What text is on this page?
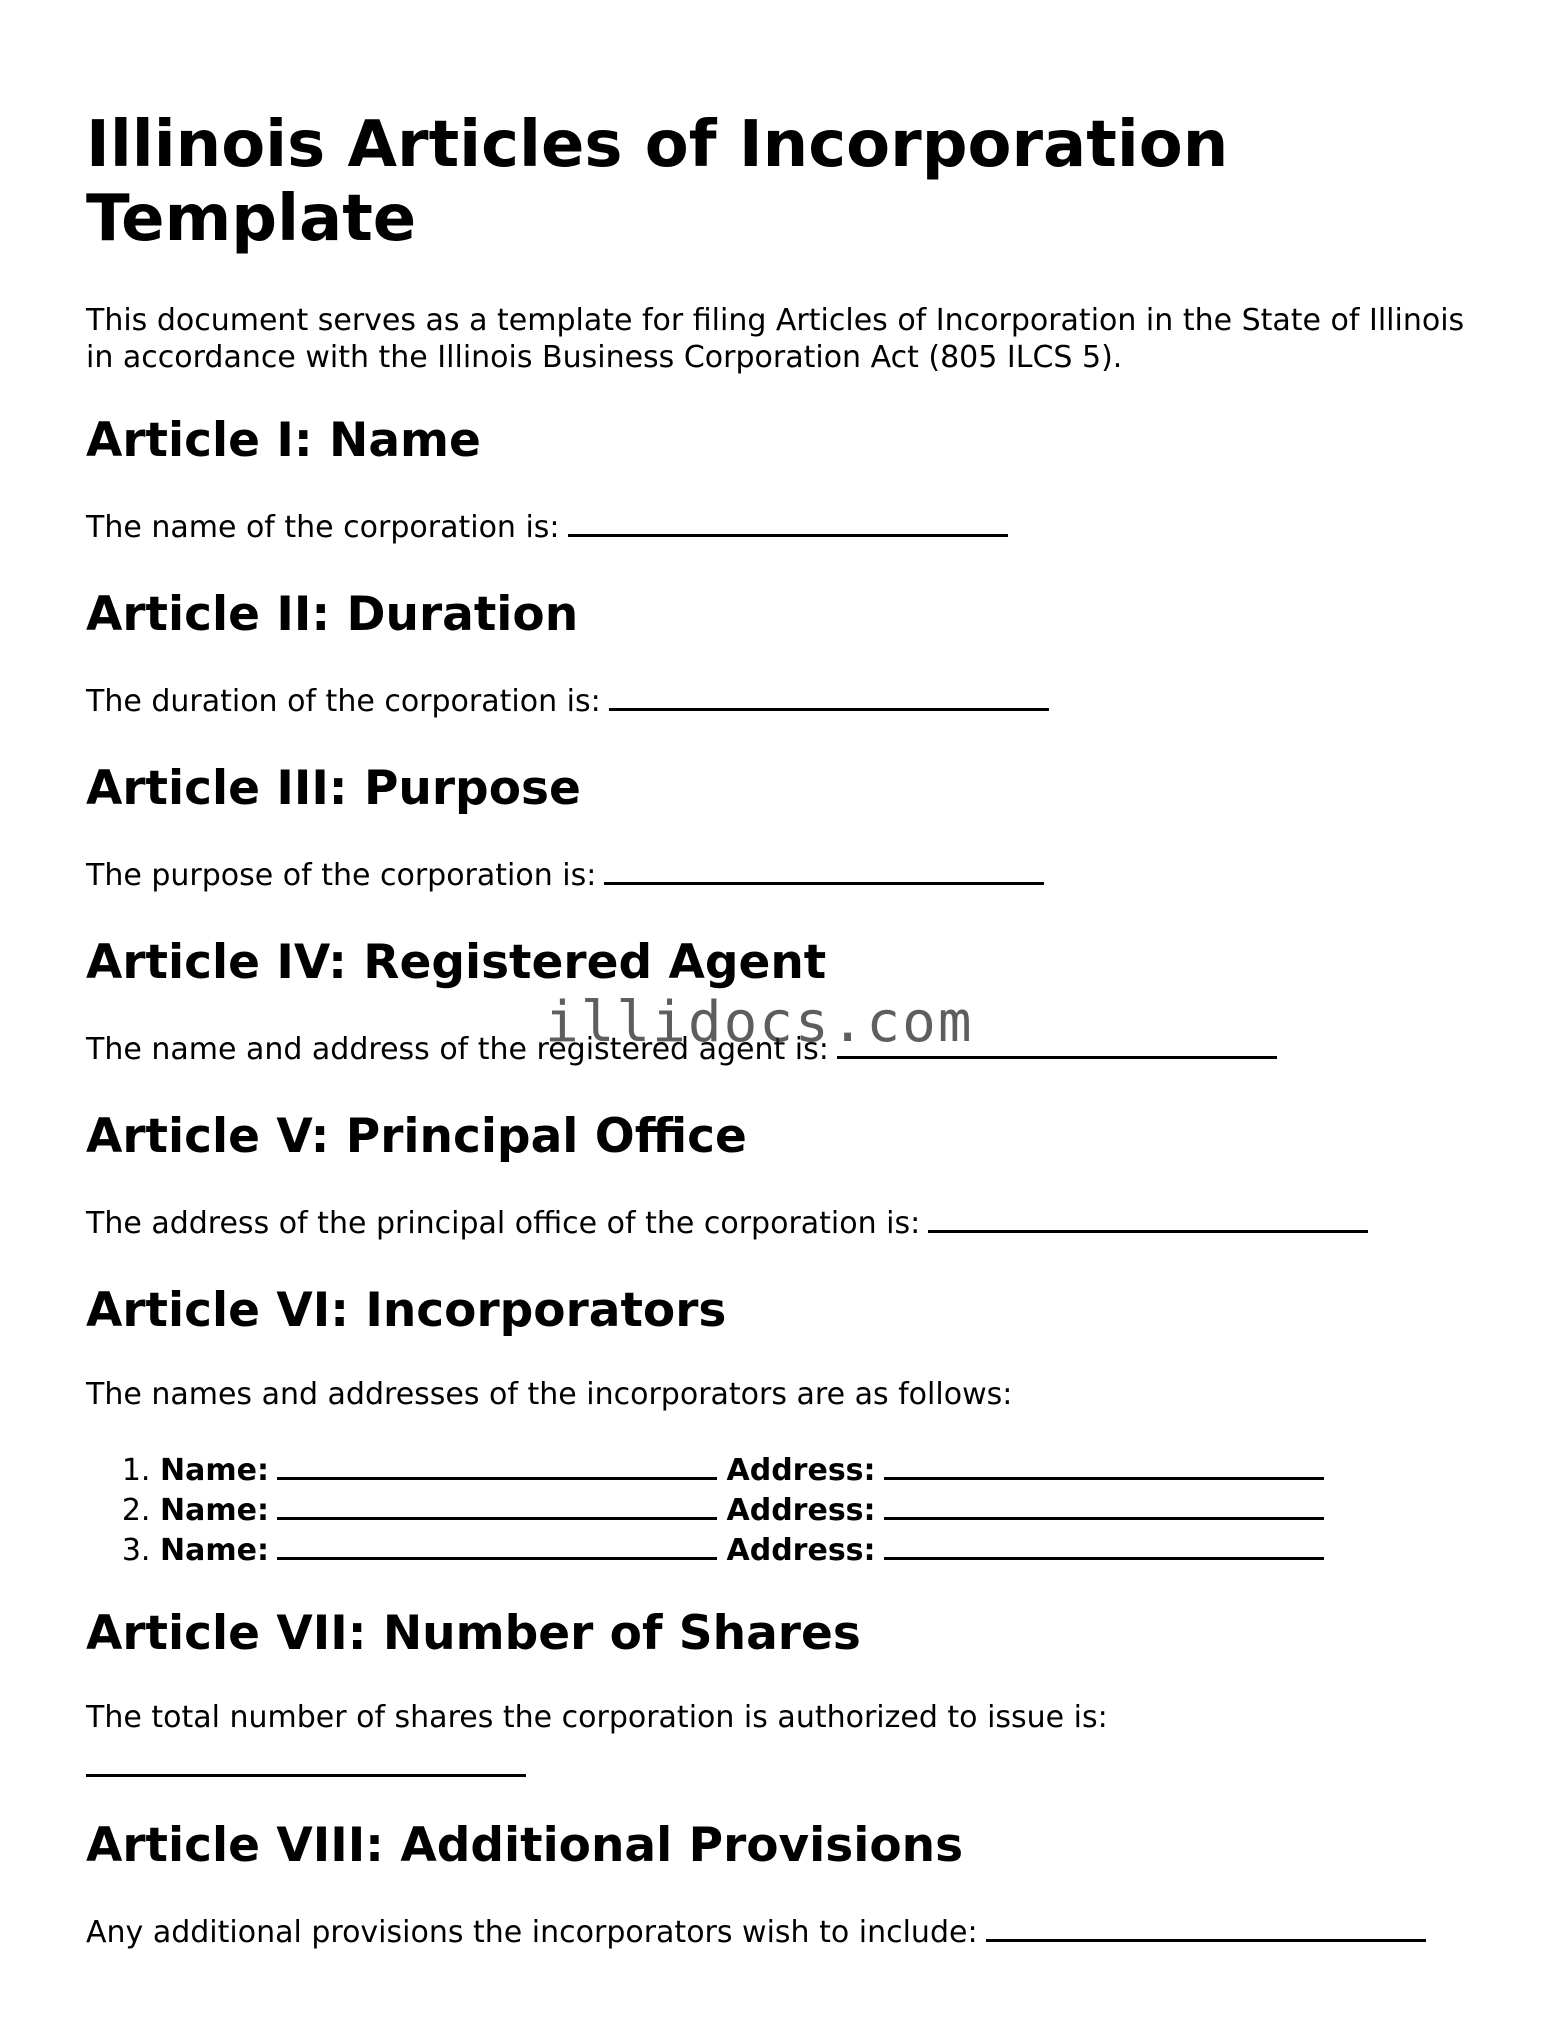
Illinois Articles of Incorporation Template

This document serves as a template for filing Articles of Incorporation in the State of Illinois in accordance with the Illinois Business Corporation Act (805 ILCS 5).

Article I: Name

The name of the corporation is:

Article II: Duration

The duration of the corporation is:

Article III: Purpose

The purpose of the corporation is:

Article IV: Registered Agent

The name and address of the registered agent is:

Article V: Principal Office

The address of the principal office of the corporation is:

Article VI: Incorporators

The names and addresses of the incorporators are as follows:

1. Name:	Address:
2. Name:	Address:
3. Name:	Address:
Article VII: Number of Shares

The total number of shares the corporation is authorized to issue is:

Article VIII: Additional Provisions

Any additional provisions the incorporators wish to include:

illidocs.com
